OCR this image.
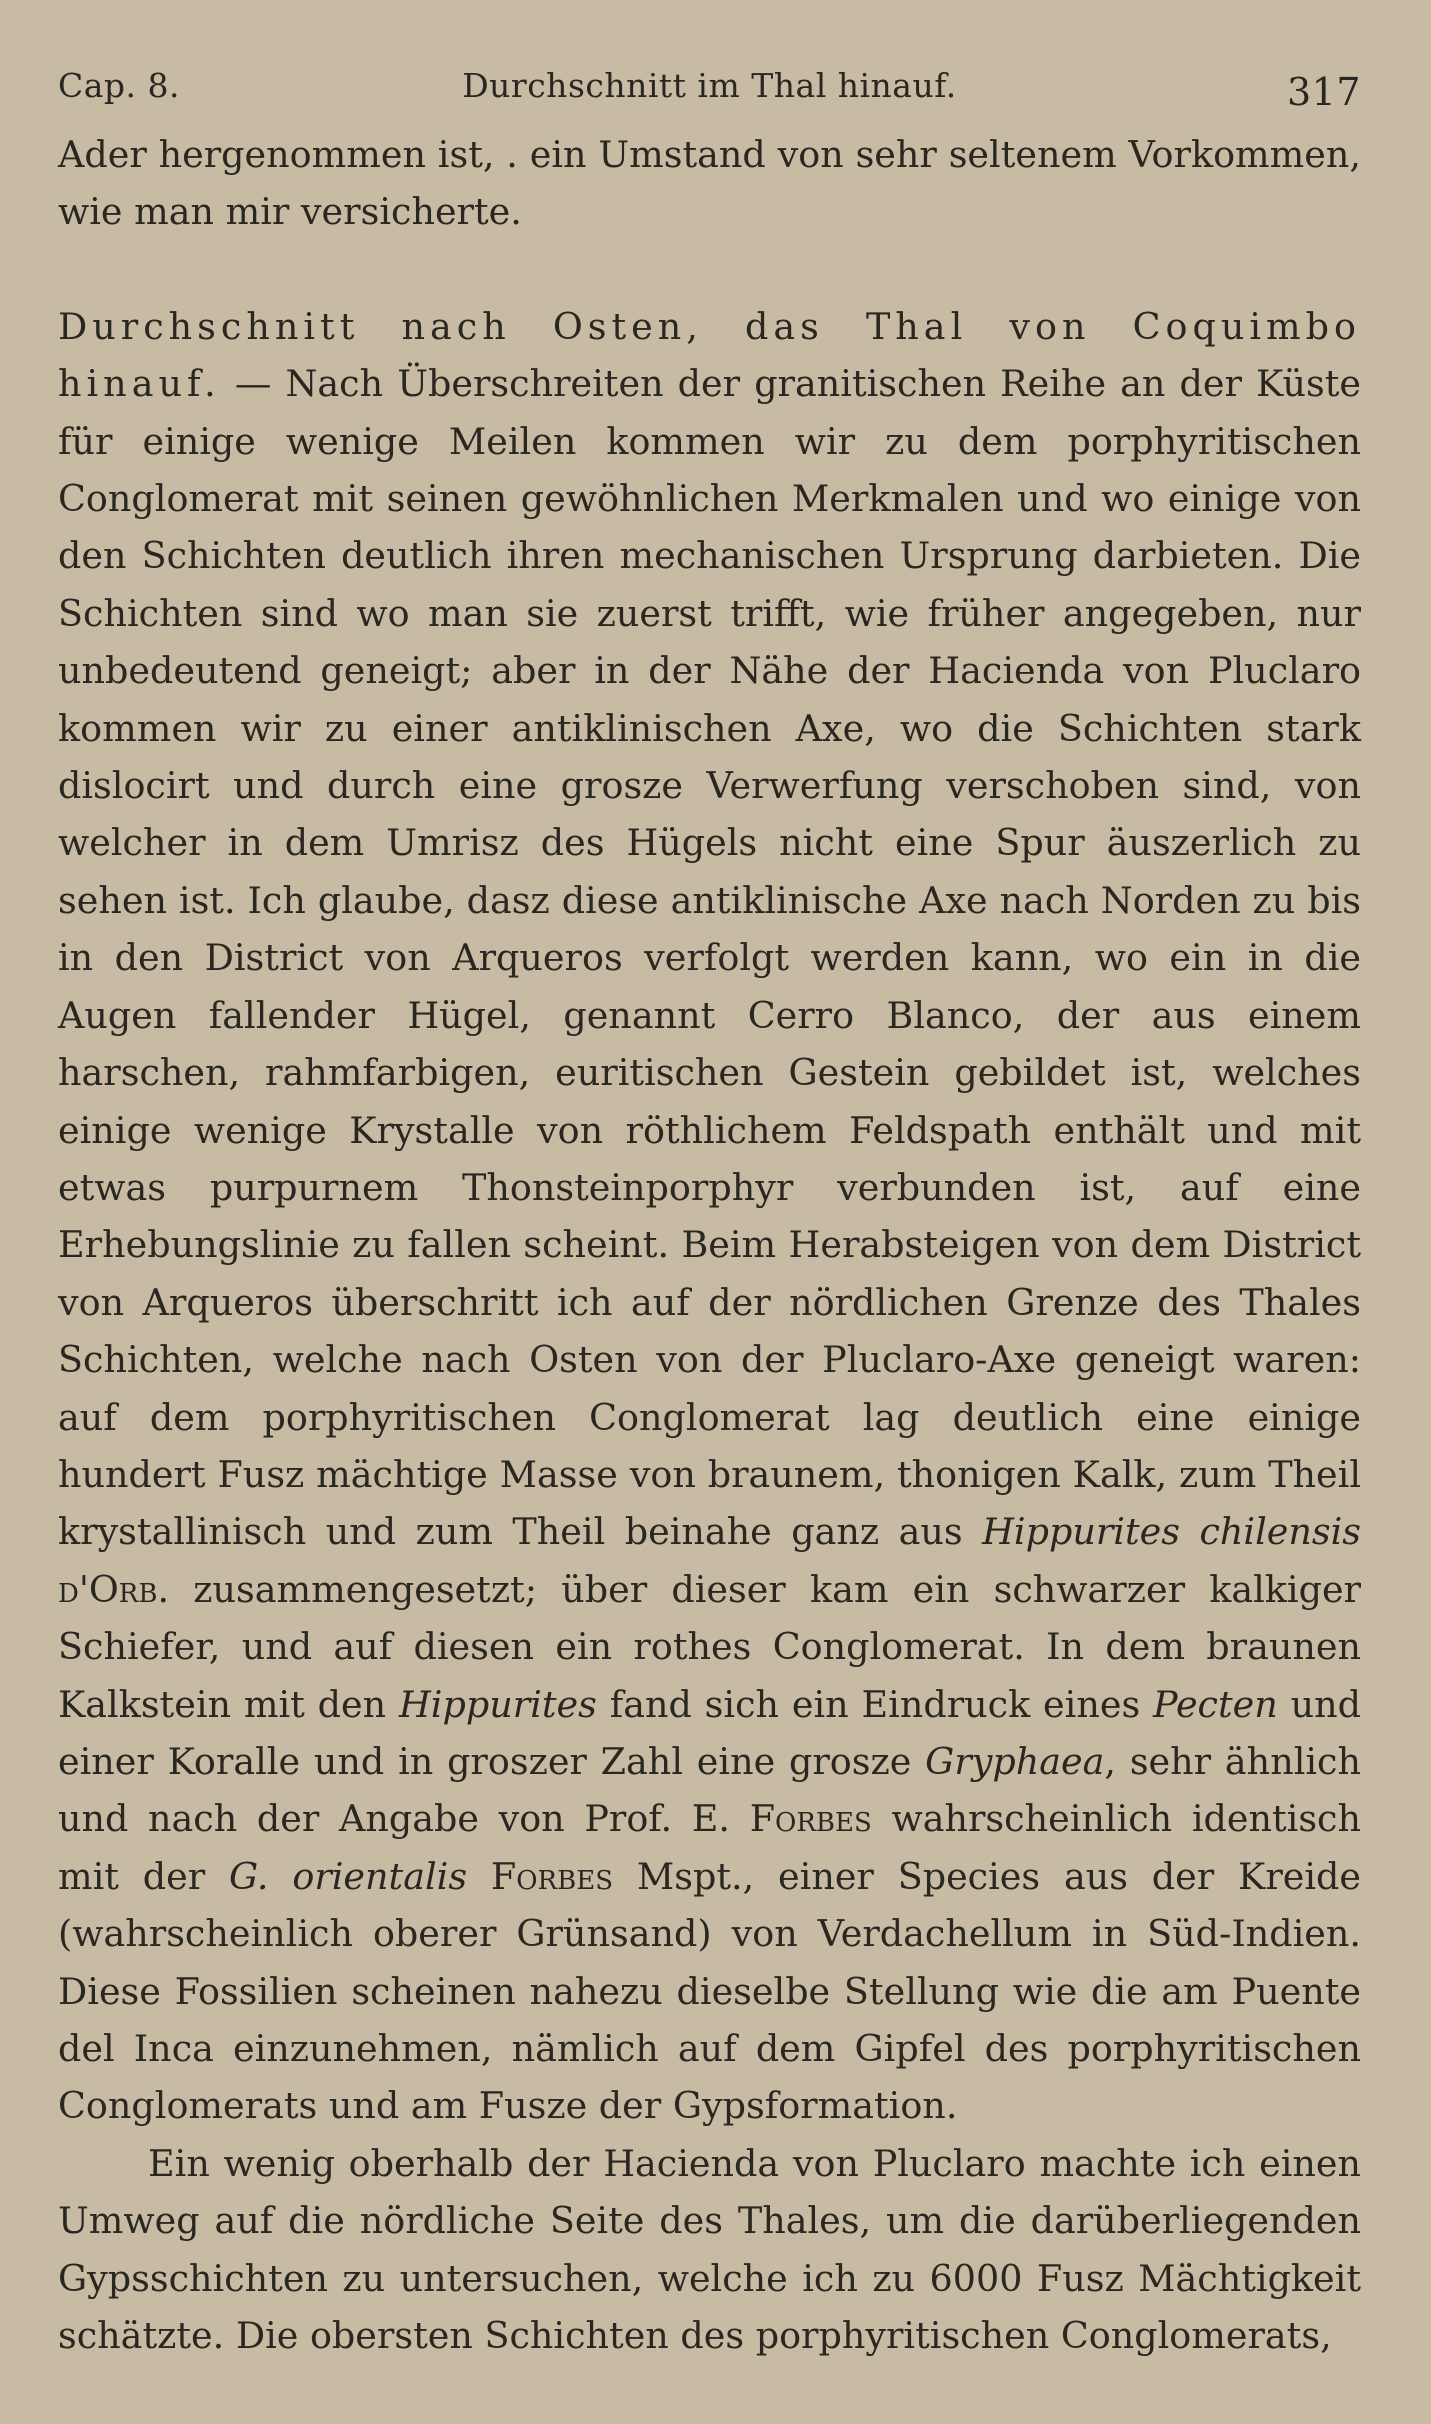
Cap. 8.	Durchschnitt im Thal hinauf.	317

Ader hergenommen ist, . ein Umstand von sehr seltenem Vorkommen, wie man mir versicherte.

Durchschnitt nach Osten, das Thal von Coquimbo hinauf. — Nach Überschreiten der granitischen Reihe an der Küste für einige wenige Meilen kommen wir zu dem porphyritischen Conglomerat mit seinen gewöhnlichen Merkmalen und wo einige von den Schichten deutlich ihren mechanischen Ursprung darbieten. Die Schichten sind wo man sie zuerst trifft, wie früher angegeben, nur unbedeutend geneigt; aber in der Nähe der Hacienda von Pluclaro kommen wir zu einer antiklinischen Axe, wo die Schichten stark dislocirt und durch eine grosze Verwerfung verschoben sind, von welcher in dem Umrisz des Hügels nicht eine Spur äuszerlich zu sehen ist. Ich glaube, dasz diese antiklinische Axe nach Norden zu bis in den District von Arqueros verfolgt werden kann, wo ein in die Augen fallender Hügel, genannt Cerro Blanco, der aus einem harschen, rahmfarbigen, euritischen Gestein gebildet ist, welches einige wenige Krystalle von röthlichem Feldspath enthält und mit etwas purpurnem Thonsteinporphyr verbunden ist, auf eine Erhebungslinie zu fallen scheint. Beim Herabsteigen von dem District von Arqueros überschritt ich auf der nördlichen Grenze des Thales Schichten, welche nach Osten von der Pluclaro-Axe geneigt waren: auf dem porphyritischen Conglomerat lag deutlich eine einige hundert Fusz mächtige Masse von braunem, thonigen Kalk, zum Theil krystallinisch und zum Theil beinahe ganz aus Hippurites chilensis d'Orb. zusammengesetzt; über dieser kam ein schwarzer kalkiger Schiefer, und auf diesen ein rothes Conglomerat. In dem braunen Kalkstein mit den Hippurites fand sich ein Eindruck eines Pecten und einer Koralle und in groszer Zahl eine grosze Gryphaea, sehr ähnlich und nach der Angabe von Prof. E. Forbes wahrscheinlich identisch mit der G. orientalis Forbes Mspt., einer Species aus der Kreide (wahrscheinlich oberer Grünsand) von Verdachellum in Süd-Indien. Diese Fossilien scheinen nahezu dieselbe Stellung wie die am Puente del Inca einzunehmen, nämlich auf dem Gipfel des porphyritischen Conglomerats und am Fusze der Gypsformation.

Ein wenig oberhalb der Hacienda von Pluclaro machte ich einen Umweg auf die nördliche Seite des Thales, um die darüberliegenden Gypsschichten zu untersuchen, welche ich zu 6000 Fusz Mächtigkeit schätzte. Die obersten Schichten des porphyritischen Conglomerats,
